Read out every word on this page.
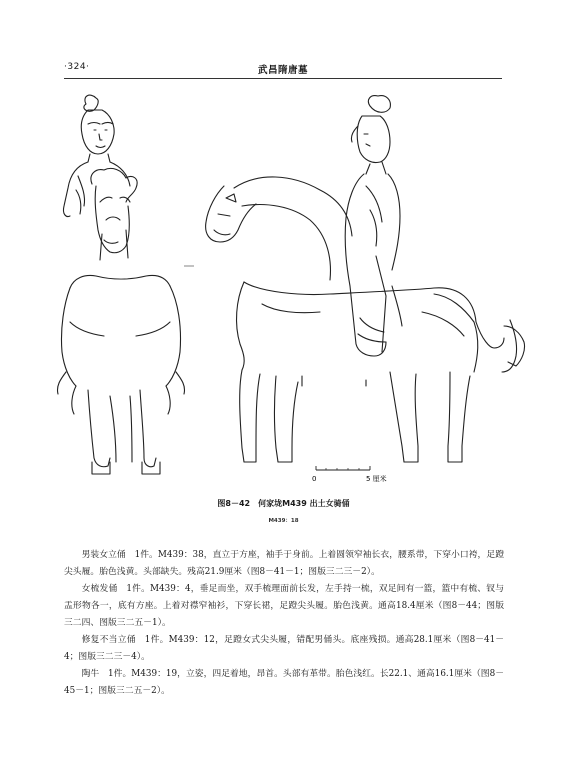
·324·	武昌隋唐墓
0	5 厘米
图8－42　何家垅M439 出土女骑俑
M439：18

男装女立俑　1件。M439：38，直立于方座，袖手于身前。上着圆领窄袖长衣，腰系带，下穿小口袴，足蹬尖头履。胎色浅黄。头部缺失。残高21.9厘米（图8－41－1；图版三二三－2）。

女梳发俑　1件。M439：4，垂足而坐，双手梳理面前长发，左手持一梳，双足间有一篮，篮中有梳、钗与盂形物各一，底有方座。上着对襟窄袖衫，下穿长裙，足蹬尖头履。胎色浅黄。通高18.4厘米（图8－44；图版三二四、图版三二五－1）。

修复不当立俑　1件。M439：12，足蹬女式尖头履，错配男俑头。底座残损。通高28.1厘米（图8－41－4；图版三二三－4）。

陶牛　1件。M439：19，立姿，四足着地，昂首。头部有革带。胎色浅红。长22.1、通高16.1厘米（图8－45－1；图版三二五－2）。
